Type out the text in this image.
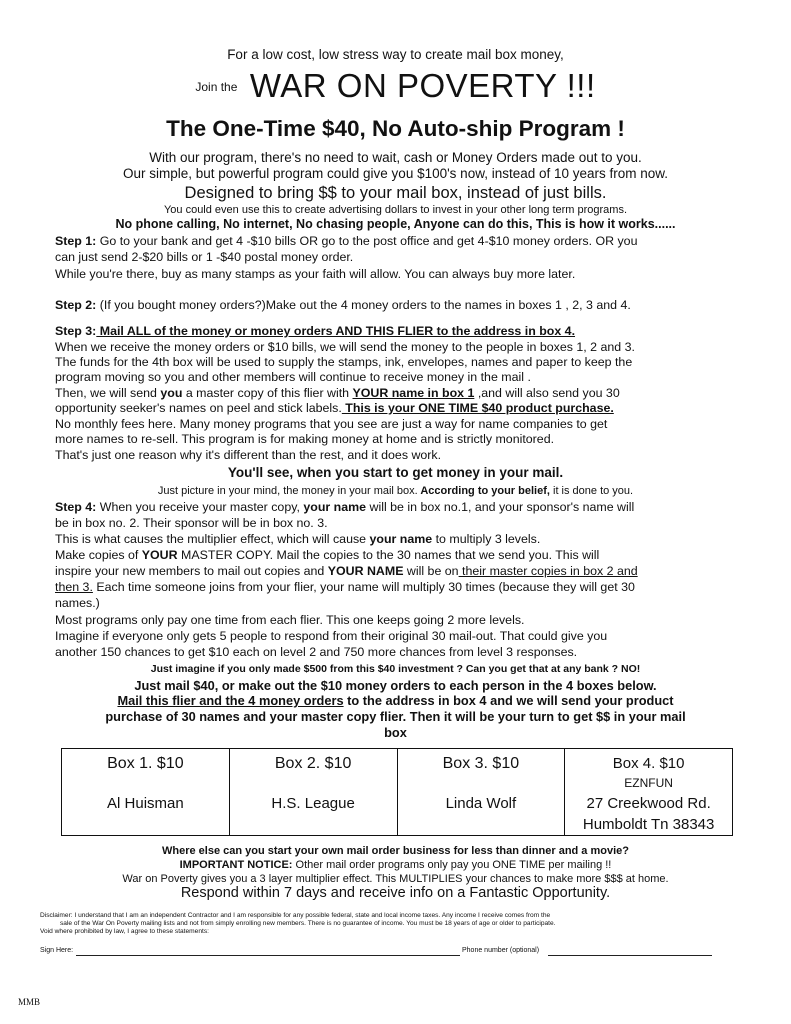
For a low cost, low stress way to create mail box money,
$^{Join the}$ WAR ON POVERTY !!!
The One-Time $40, No Auto-ship Program !
With our program, there's no need to wait, cash or Money Orders made out to you.
Our simple, but powerful program could give you $100's now, instead of 10 years from now.
Designed to bring $$ to your mail box, instead of just bills.
You could even use this to create advertising dollars to invest in your other long term programs.
No phone calling, No internet, No chasing people, Anyone can do this, This is how it works......
Step 1: Go to your bank and get 4 -$10 bills OR go to the post office and get 4-$10 money orders. OR you
can just send 2-$20 bills or 1 -$40 postal money order.
While you're there, buy as many stamps as your faith will allow. You can always buy more later.
Step 2: (If you bought money orders?)Make out the 4 money orders to the names in boxes 1 , 2, 3 and 4.
Step 3: Mail ALL of the money or money orders AND THIS FLIER to the address in box 4.
When we receive the money orders or $10 bills, we will send the money to the people in boxes 1, 2 and 3.
The funds for the 4th box will be used to supply the stamps, ink, envelopes, names and paper to keep the
program moving so you and other members will continue to receive money in the mail .
Then, we will send you a master copy of this flier with YOUR name in box 1 ,and will also send you 30
opportunity seeker's names on peel and stick labels. This is your ONE TIME $40 product purchase.
No monthly fees here. Many money programs that you see are just a way for name companies to get
more names to re-sell. This program is for making money at home and is strictly monitored.
That's just one reason why it's different than the rest, and it does work.
You'll see, when you start to get money in your mail.
Just picture in your mind, the money in your mail box. According to your belief, it is done to you.
Step 4: When you receive your master copy, your name will be in box no.1, and your sponsor's name will
be in box no. 2. Their sponsor will be in box no. 3.
This is what causes the multiplier effect, which will cause your name to multiply 3 levels.
Make copies of YOUR MASTER COPY. Mail the copies to the 30 names that we send you. This will
inspire your new members to mail out copies and YOUR NAME will be on their master copies in box 2 and
then 3. Each time someone joins from your flier, your name will multiply 30 times (because they will get 30
names.)
Most programs only pay one time from each flier. This one keeps going 2 more levels.
Imagine if everyone only gets 5 people to respond from their original 30 mail-out. That could give you
another 150 chances to get $10 each on level 2 and 750 more chances from level 3 responses.
Just imagine if you only made $500 from this $40 investment ? Can you get that at any bank ? NO!
Just mail $40, or make out the $10 money orders to each person in the 4 boxes below.
Mail this flier and the 4 money orders to the address in box 4 and we will send your product
purchase of 30 names and your master copy flier. Then it will be your turn to get $$ in your mail
box
Box 1. $10
Al Huisman
Box 2. $10
H.S. League
Box 3. $10
Linda Wolf
Box 4. $10
EZNFUN
27 Creekwood Rd.
Humboldt Tn 38343
Where else can you start your own mail order business for less than dinner and a movie?
IMPORTANT NOTICE: Other mail order programs only pay you ONE TIME per mailing !!
War on Poverty gives you a 3 layer multiplier effect. This MULTIPLIES your chances to make more $$$ at home.
Respond within 7 days and receive info on a Fantastic Opportunity.
Disclaimer: I understand that I am an independent Contractor and I am responsible for any possible federal, state and local income taxes. Any income I receive comes from the
sale of the War On Poverty mailing lists and not from simply enrolling new members. There is no guarantee of income. You must be 18 years of age or older to participate.
Void where prohibited by law, I agree to these statements:
Sign Here:	Phone number (optional)
MMB
